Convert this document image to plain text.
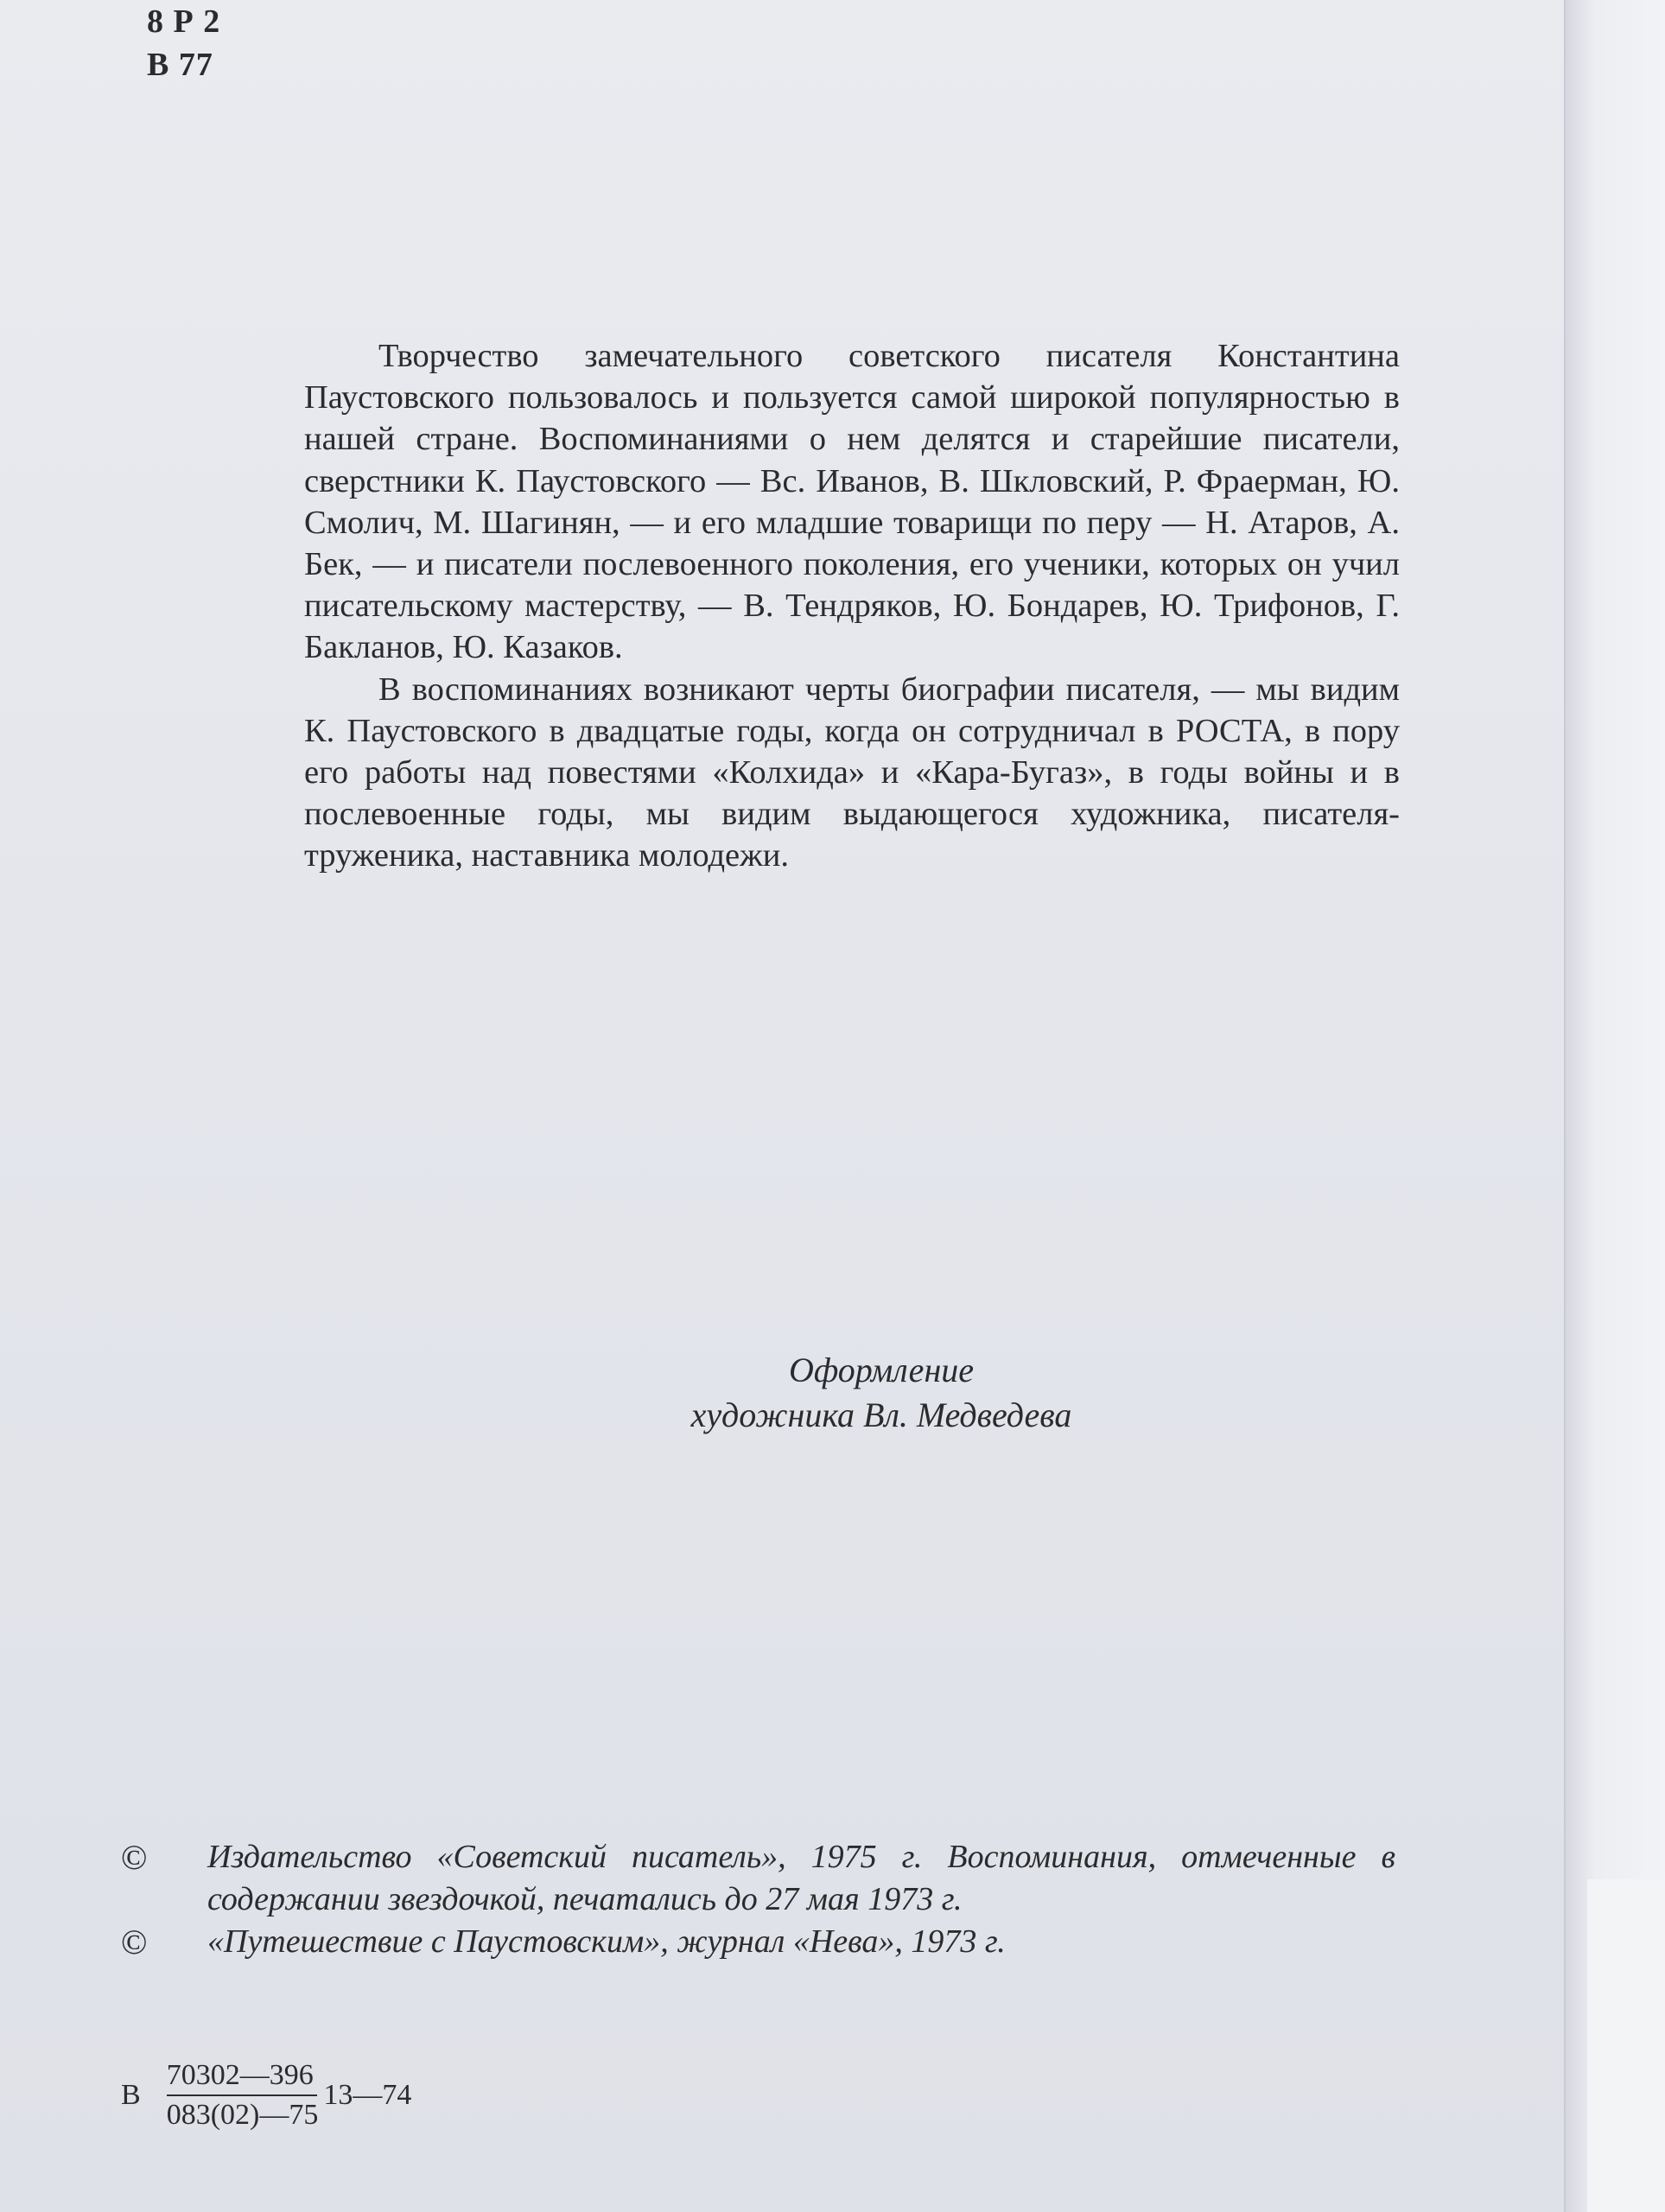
8 Р 2
В 77

Творчество замечательного советского писателя Константина Паустовского пользовалось и пользуется самой широкой популярностью в нашей стране. Воспоминаниями о нем делятся и старейшие писатели, сверстники К. Паустовского — Вс. Иванов, В. Шкловский, Р. Фраерман, Ю. Смолич, М. Шагинян, — и его младшие товарищи по перу — Н. Атаров, А. Бек, — и писатели послевоенного поколения, его ученики, которых он учил писательскому мастерству, — В. Тендряков, Ю. Бондарев, Ю. Трифонов, Г. Бакланов, Ю. Казаков.

В воспоминаниях возникают черты биографии писателя, — мы видим К. Паустовского в двадцатые годы, когда он сотрудничал в РОСТА, в пору его работы над повестями «Колхида» и «Кара-Бугаз», в годы войны и в послевоенные годы, мы видим выдающегося художника, писателя-труженика, наставника молодежи.

Оформление
художника Вл. Медведева
© Издательство «Советский писатель», 1975 г. Воспоминания, отмеченные в содержании звездочкой, печатались до 27 мая 1973 г.
© «Путешествие с Паустовским», журнал «Нева», 1973 г.
В $\frac{70302—396}{083(02)—75}$ 13—74
